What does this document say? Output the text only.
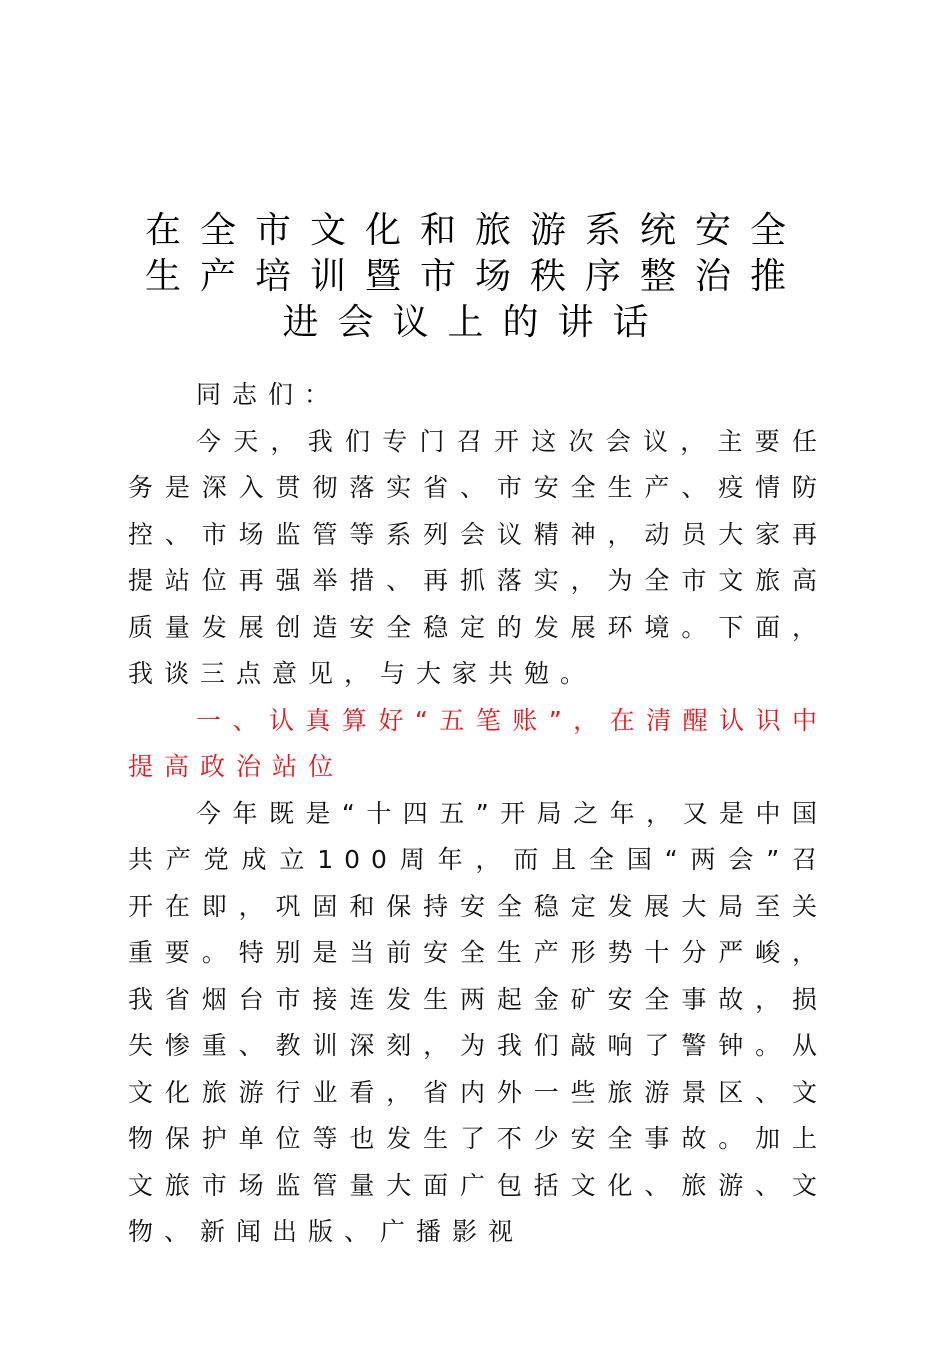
在全市文化和旅游系统安全生产培训暨市场秩序整治推进会议上的讲话

同志们：

今天，我们专门召开这次会议，主要任务是深入贯彻落实省、市安全生产、疫情防控、市场监管等系列会议精神，动员大家再提站位再强举措、再抓落实，为全市文旅高质量发展创造安全稳定的发展环境。下面，我谈三点意见，与大家共勉。

一、认真算好“五笔账”，在清醒认识中提高政治站位

今年既是“十四五”开局之年，又是中国共产党成立100周年，而且全国“两会”召开在即，巩固和保持安全稳定发展大局至关重要。特别是当前安全生产形势十分严峻，我省烟台市接连发生两起金矿安全事故，损失惨重、教训深刻，为我们敲响了警钟。从文化旅游行业看，省内外一些旅游景区、文物保护单位等也发生了不少安全事故。加上文旅市场监管量大面广包括文化、旅游、文物、新闻出版、广播影视
